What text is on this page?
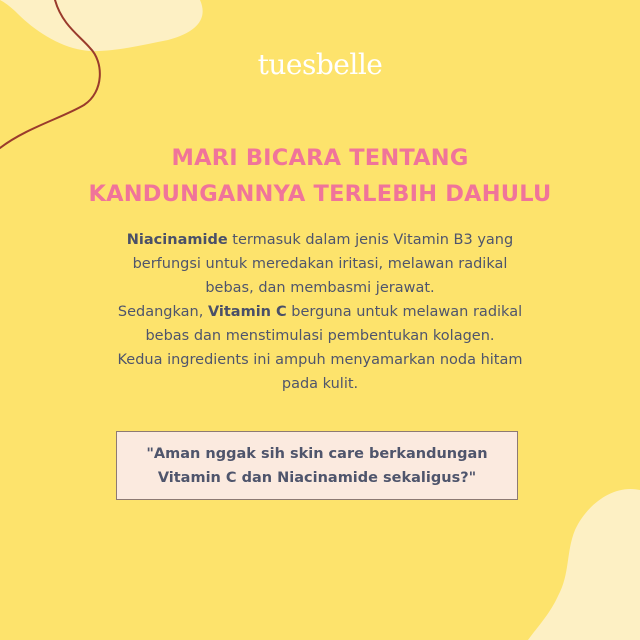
tuesbelle
MARI BICARA TENTANG
KANDUNGANNYA TERLEBIH DAHULU
Niacinamide termasuk dalam jenis Vitamin B3 yang
berfungsi untuk meredakan iritasi, melawan radikal
bebas, dan membasmi jerawat.
Sedangkan, Vitamin C berguna untuk melawan radikal
bebas dan menstimulasi pembentukan kolagen.
Kedua ingredients ini ampuh menyamarkan noda hitam
pada kulit.
"Aman nggak sih skin care berkandungan
Vitamin C dan Niacinamide sekaligus?"
